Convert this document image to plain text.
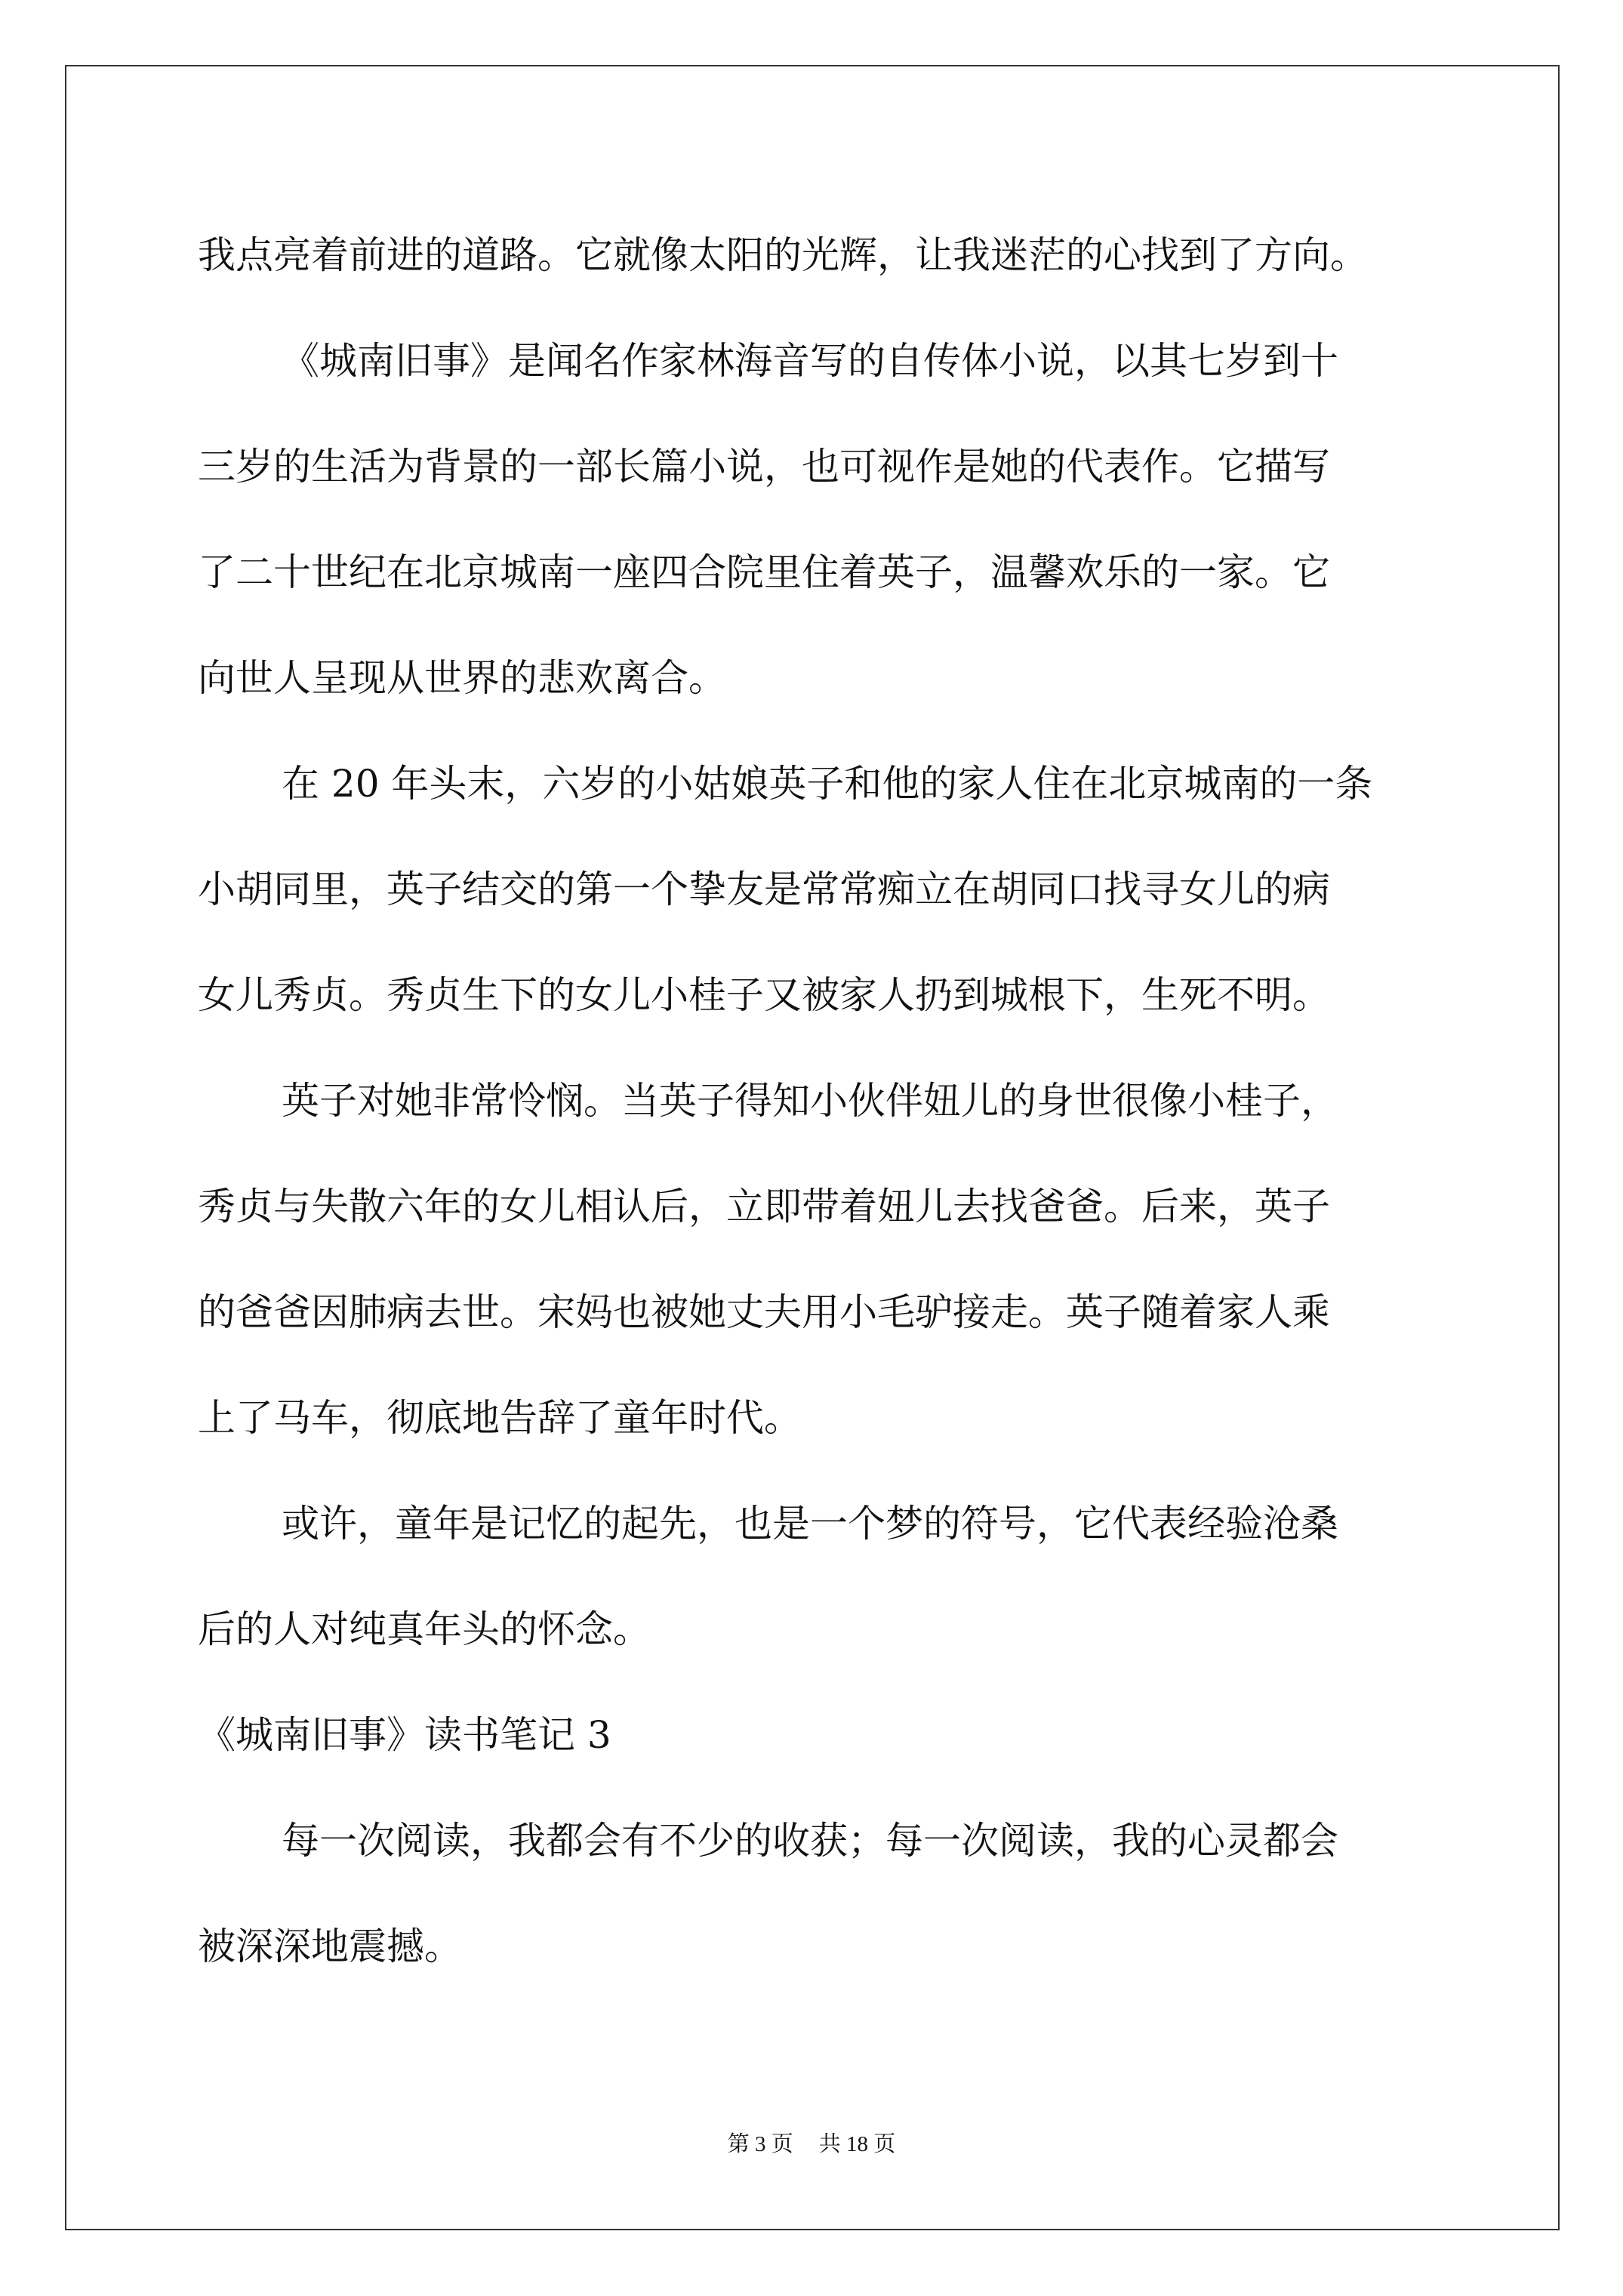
我点亮着前进的道路。它就像太阳的光辉，让我迷茫的心找到了方向。
《城南旧事》是闻名作家林海音写的自传体小说，以其七岁到十
三岁的生活为背景的一部长篇小说，也可视作是她的代表作。它描写
了二十世纪在北京城南一座四合院里住着英子，温馨欢乐的一家。它
向世人呈现从世界的悲欢离合。
在 20 年头末，六岁的小姑娘英子和他的家人住在北京城南的一条
小胡同里，英子结交的第一个挚友是常常痴立在胡同口找寻女儿的病
女儿秀贞。秀贞生下的女儿小桂子又被家人扔到城根下，生死不明。
英子对她非常怜悯。当英子得知小伙伴妞儿的身世很像小桂子，
秀贞与失散六年的女儿相认后，立即带着妞儿去找爸爸。后来，英子
的爸爸因肺病去世。宋妈也被她丈夫用小毛驴接走。英子随着家人乘
上了马车，彻底地告辞了童年时代。
或许，童年是记忆的起先，也是一个梦的符号，它代表经验沧桑
后的人对纯真年头的怀念。
《城南旧事》读书笔记 3
每一次阅读，我都会有不少的收获；每一次阅读，我的心灵都会
被深深地震撼。
第 3 页 共 18 页
